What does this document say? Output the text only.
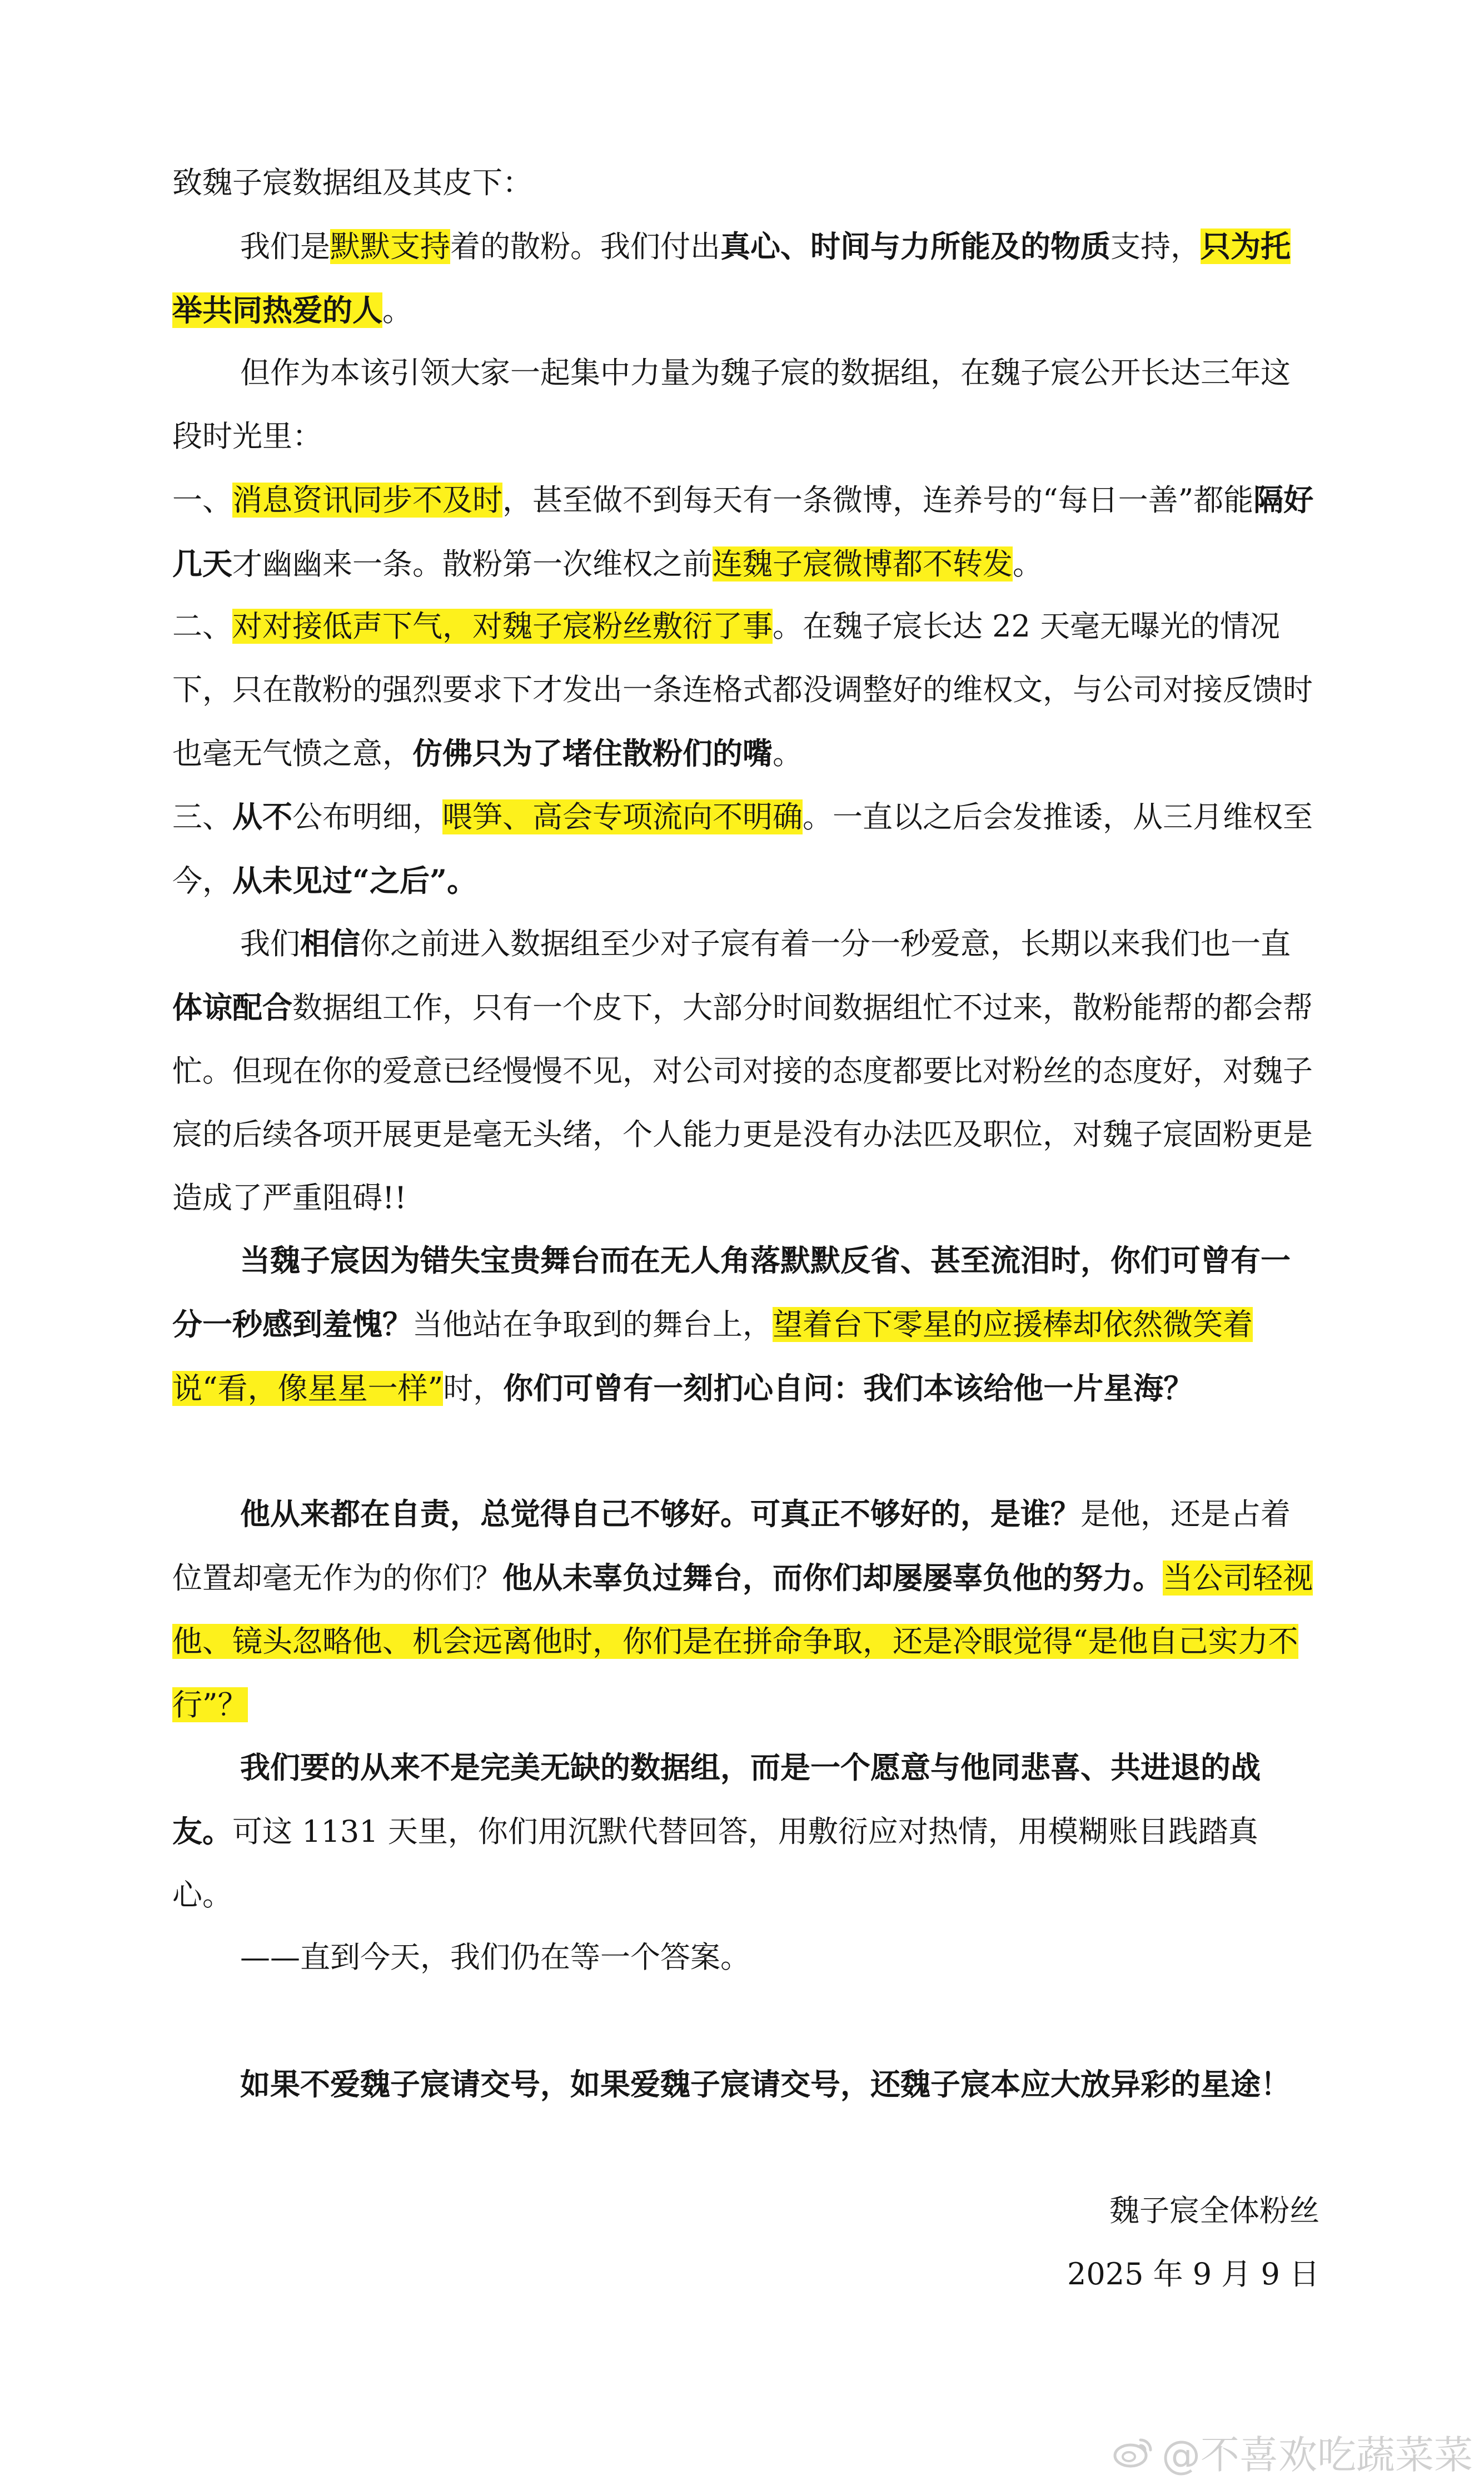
致魏子宸数据组及其皮下：
我们是默默支持着的散粉。我们付出真心、时间与力所能及的物质支持，只为托举共同热爱的人。
但作为本该引领大家一起集中力量为魏子宸的数据组，在魏子宸公开长达三年这段时光里：
一、消息资讯同步不及时，甚至做不到每天有一条微博，连养号的“每日一善”都能隔好几天才幽幽来一条。散粉第一次维权之前连魏子宸微博都不转发。
二、对对接低声下气，对魏子宸粉丝敷衍了事。在魏子宸长达 22 天毫无曝光的情况下，只在散粉的强烈要求下才发出一条连格式都没调整好的维权文，与公司对接反馈时也毫无气愤之意，仿佛只为了堵住散粉们的嘴。
三、从不公布明细，喂笋、高会专项流向不明确。一直以之后会发推诿，从三月维权至今，从未见过“之后”。
我们相信你之前进入数据组至少对子宸有着一分一秒爱意，长期以来我们也一直体谅配合数据组工作，只有一个皮下，大部分时间数据组忙不过来，散粉能帮的都会帮忙。但现在你的爱意已经慢慢不见，对公司对接的态度都要比对粉丝的态度好，对魏子宸的后续各项开展更是毫无头绪，个人能力更是没有办法匹及职位，对魏子宸固粉更是造成了严重阻碍!!
当魏子宸因为错失宝贵舞台而在无人角落默默反省、甚至流泪时，你们可曾有一分一秒感到羞愧？当他站在争取到的舞台上，望着台下零星的应援棒却依然微笑着说“看，像星星一样”时，你们可曾有一刻扪心自问：我们本该给他一片星海？
他从来都在自责，总觉得自己不够好。可真正不够好的，是谁？是他，还是占着位置却毫无作为的你们？他从未辜负过舞台，而你们却屡屡辜负他的努力。当公司轻视他、镜头忽略他、机会远离他时，你们是在拼命争取，还是冷眼觉得“是他自己实力不行”？
我们要的从来不是完美无缺的数据组，而是一个愿意与他同悲喜、共进退的战友。可这 1131 天里，你们用沉默代替回答，用敷衍应对热情，用模糊账目践踏真心。
——直到今天，我们仍在等一个答案。
如果不爱魏子宸请交号，如果爱魏子宸请交号，还魏子宸本应大放异彩的星途！
魏子宸全体粉丝
2025 年 9 月 9 日
@不喜欢吃蔬菜菜
